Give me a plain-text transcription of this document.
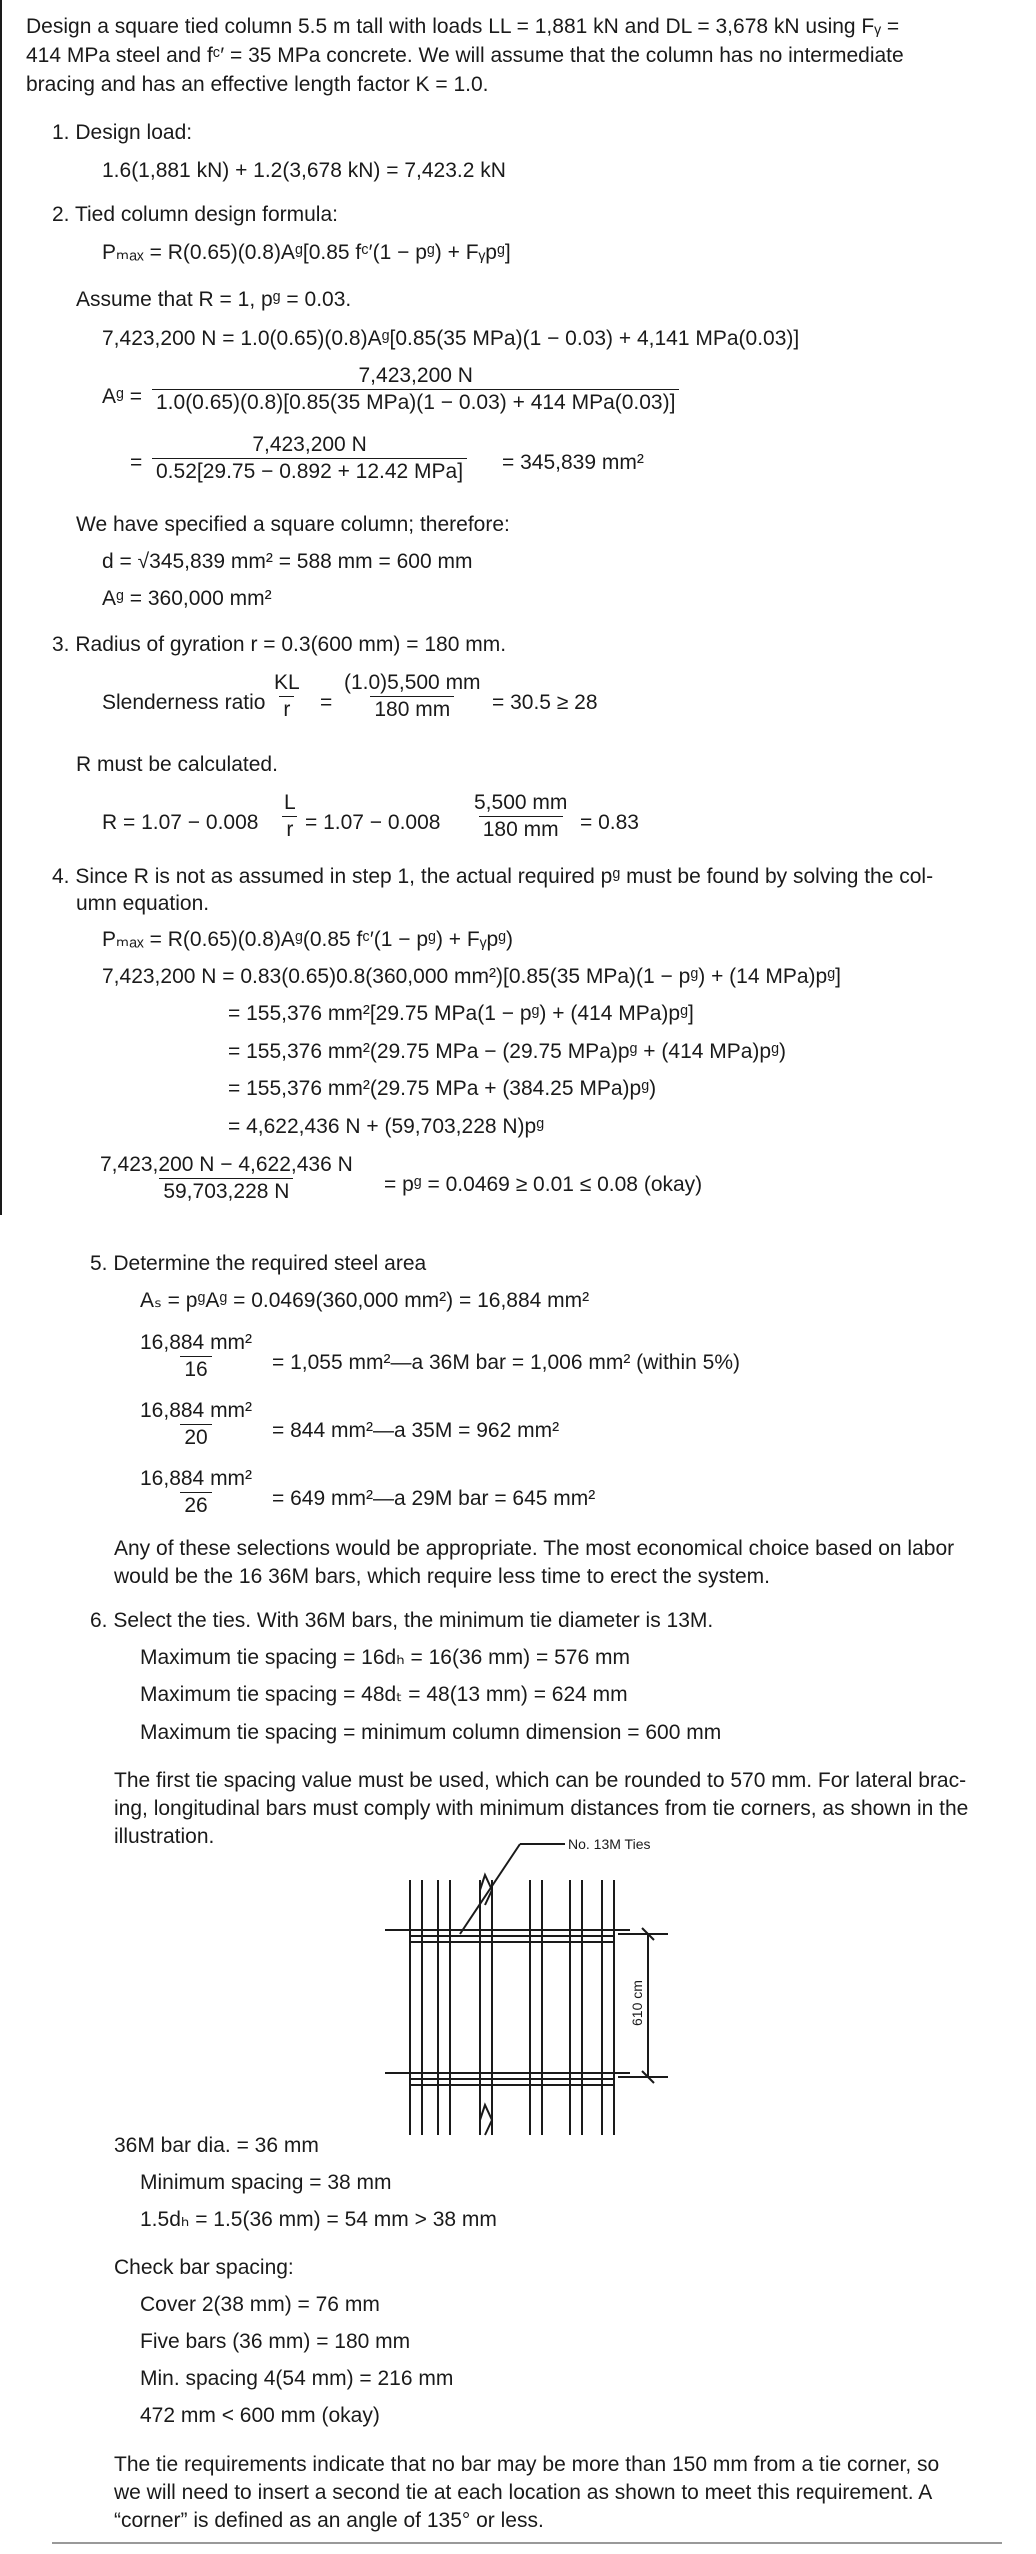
Design a square tied column 5.5 m tall with loads LL = 1,881 kN and DL = 3,678 kN using Fᵧ =
414 MPa steel and fᶜ′ = 35 MPa concrete. We will assume that the column has no intermediate
bracing and has an effective length factor K = 1.0.
1. Design load:
1.6(1,881 kN) + 1.2(3,678 kN) = 7,423.2 kN
2. Tied column design formula:
Pₘₐₓ = R(0.65)(0.8)Aᵍ[0.85 fᶜ′(1 − pᵍ) + Fᵧpᵍ]
Assume that R = 1, pᵍ = 0.03.
7,423,200 N = 1.0(0.65)(0.8)Aᵍ[0.85(35 MPa)(1 − 0.03) + 4,141 MPa(0.03)]
Aᵍ =
7,423,200 N
1.0(0.65)(0.8)[0.85(35 MPa)(1 − 0.03) + 414 MPa(0.03)]
=
7,423,200 N
0.52[29.75 − 0.892 + 12.42 MPa] = 345,839 mm²
We have specified a square column; therefore:
d = √345,839 mm² = 588 mm = 600 mm
Aᵍ = 360,000 mm²
3. Radius of gyration r = 0.3(600 mm) = 180 mm.
Slenderness ratio $\frac{KL}{r} = \frac{(1.0)5,500 mm}{180 mm} = 30.5 \ge 28$
R must be calculated.
$R = 1.07 - 0.008 \frac{L}{r} = 1.07 - 0.008 \frac{5,500 mm}{180 mm} = 0.83$
4. Since R is not as assumed in step 1, the actual required pᵍ must be found by solving the col-
umn equation.
Pₘₐₓ = R(0.65)(0.8)Aᵍ(0.85 fᶜ′(1 − pᵍ) + Fᵧpᵍ)
7,423,200 N = 0.83(0.65)0.8(360,000 mm²)[0.85(35 MPa)(1 − pᵍ) + (14 MPa)pᵍ]
= 155,376 mm²[29.75 MPa(1 − pᵍ) + (414 MPa)pᵍ]
= 155,376 mm²(29.75 MPa − (29.75 MPa)pᵍ + (414 MPa)pᵍ)
= 155,376 mm²(29.75 MPa + (384.25 MPa)pᵍ)
= 4,622,436 N + (59,703,228 N)pᵍ
$\frac{7,423,200 N - 4,622,436 N}{59,703,228 N}$ = pᵍ = 0.0469 ≥ 0.01 ≤ 0.08 (okay)
5. Determine the required steel area
Aₛ = pᵍAᵍ = 0.0469(360,000 mm²) = 16,884 mm²
$\frac{\text{16,884 mm²}}{16} = 1,055$ mm²—a 36M bar = 1,006 mm² (within 5%)
$\frac{\text{16,884 mm²}}{20} = 844$ mm²—a 35M = 962 mm²
$\frac{\text{16,884 mm²}}{26} = 649$ mm²—a 29M bar = 645 mm²
Any of these selections would be appropriate. The most economical choice based on labor
would be the 16 36M bars, which require less time to erect the system.
6. Select the ties. With 36M bars, the minimum tie diameter is 13M.
Maximum tie spacing = 16dₕ = 16(36 mm) = 576 mm
Maximum tie spacing = 48dₜ = 48(13 mm) = 624 mm
Maximum tie spacing = minimum column dimension = 600 mm
The first tie spacing value must be used, which can be rounded to 570 mm. For lateral brac-
ing, longitudinal bars must comply with minimum distances from tie corners, as shown in the
illustration.	No. 13M Ties
610 cm
36M bar dia. = 36 mm
Minimum spacing = 38 mm
1.5dₕ = 1.5(36 mm) = 54 mm > 38 mm
Check bar spacing:
Cover 2(38 mm) = 76 mm
Five bars (36 mm) = 180 mm
Min. spacing 4(54 mm) = 216 mm
472 mm < 600 mm (okay)
The tie requirements indicate that no bar may be more than 150 mm from a tie corner, so
we will need to insert a second tie at each location as shown to meet this requirement. A
“corner” is defined as an angle of 135° or less.
